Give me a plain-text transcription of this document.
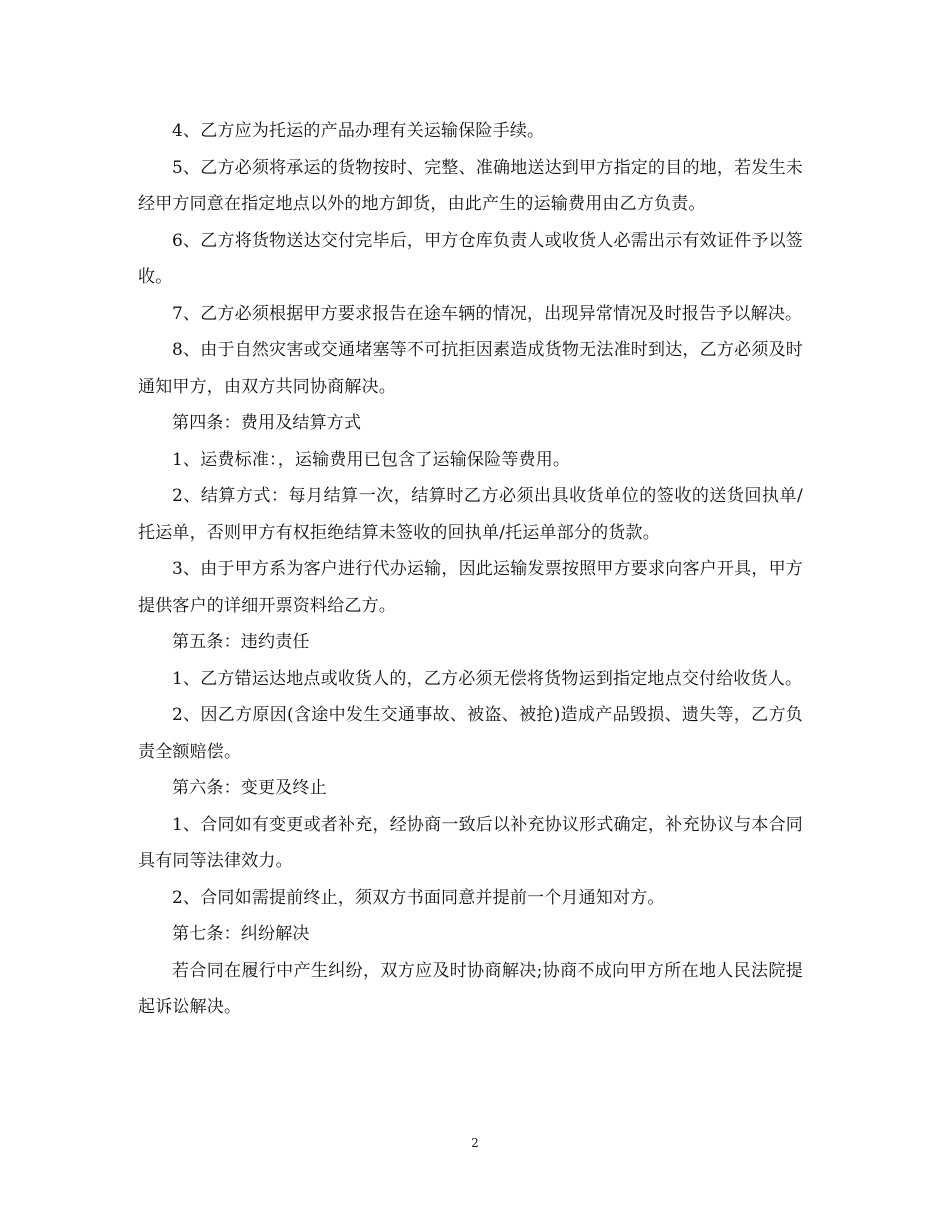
4、乙方应为托运的产品办理有关运输保险手续。

5、乙方必须将承运的货物按时、完整、准确地送达到甲方指定的目的地，若发生未经甲方同意在指定地点以外的地方卸货，由此产生的运输费用由乙方负责。

6、乙方将货物送达交付完毕后，甲方仓库负责人或收货人必需出示有效证件予以签收。

7、乙方必须根据甲方要求报告在途车辆的情况，出现异常情况及时报告予以解决。

8、由于自然灾害或交通堵塞等不可抗拒因素造成货物无法准时到达，乙方必须及时通知甲方，由双方共同协商解决。

第四条：费用及结算方式

1、运费标准：，运输费用已包含了运输保险等费用。

2、结算方式：每月结算一次，结算时乙方必须出具收货单位的签收的送货回执单/托运单，否则甲方有权拒绝结算未签收的回执单/托运单部分的货款。

3、由于甲方系为客户进行代办运输，因此运输发票按照甲方要求向客户开具，甲方提供客户的详细开票资料给乙方。

第五条：违约责任

1、乙方错运达地点或收货人的，乙方必须无偿将货物运到指定地点交付给收货人。

2、因乙方原因(含途中发生交通事故、被盗、被抢)造成产品毁损、遗失等，乙方负责全额赔偿。

第六条：变更及终止

1、合同如有变更或者补充，经协商一致后以补充协议形式确定，补充协议与本合同具有同等法律效力。

2、合同如需提前终止，须双方书面同意并提前一个月通知对方。

第七条：纠纷解决

若合同在履行中产生纠纷，双方应及时协商解决;协商不成向甲方所在地人民法院提起诉讼解决。

2
